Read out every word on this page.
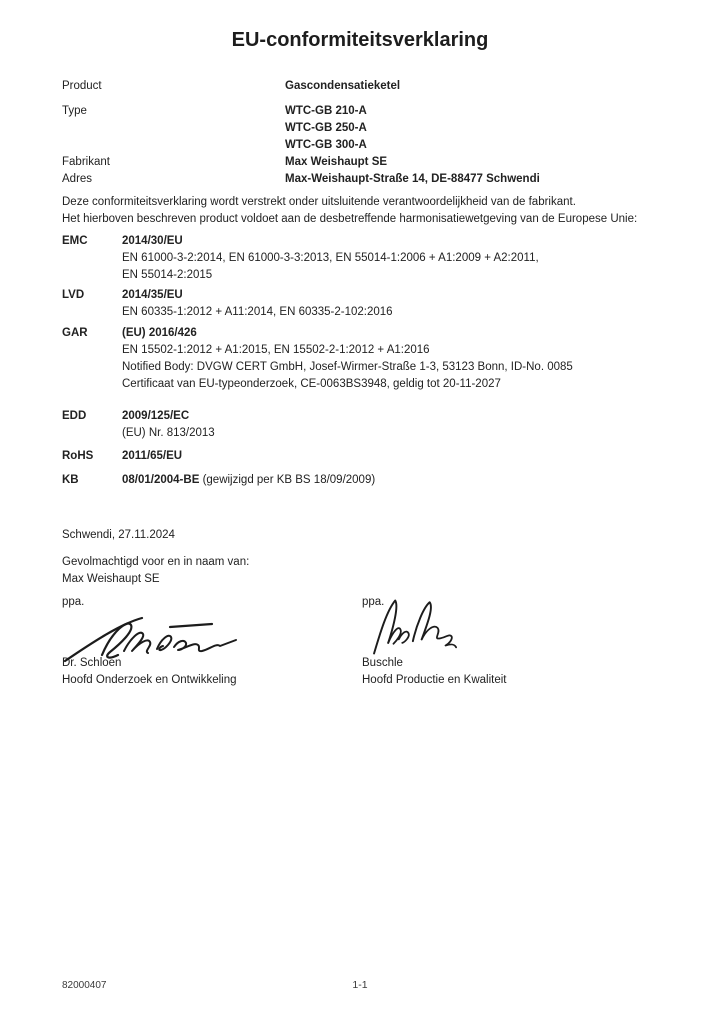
EU-conformiteitsverklaring
Product	Gascondensatieketel
Type	WTC-GB 210-A
WTC-GB 250-A
WTC-GB 300-A
Fabrikant	Max Weishaupt SE
Adres	Max-Weishaupt-Straße 14, DE-88477 Schwendi
Deze conformiteitsverklaring wordt verstrekt onder uitsluitende verantwoordelijkheid van de fabrikant.
Het hierboven beschreven product voldoet aan de desbetreffende harmonisatiewetgeving van de Europese Unie:
EMC	2014/30/EU
EN 61000-3-2:2014, EN 61000-3-3:2013, EN 55014-1:2006 + A1:2009 + A2:2011,
EN 55014-2:2015
LVD	2014/35/EU
EN 60335-1:2012 + A11:2014, EN 60335-2-102:2016
GAR	(EU) 2016/426
EN 15502-1:2012 + A1:2015, EN 15502-2-1:2012 + A1:2016
Notified Body: DVGW CERT GmbH, Josef-Wirmer-Straße 1-3, 53123 Bonn, ID-No. 0085
Certificaat van EU-typeonderzoek, CE-0063BS3948, geldig tot 20-11-2027
EDD	2009/125/EC
(EU) Nr. 813/2013
RoHS	2011/65/EU
KB	08/01/2004-BE (gewijzigd per KB BS 18/09/2009)
Schwendi, 27.11.2024
Gevolmachtigd voor en in naam van:
Max Weishaupt SE
ppa.
Dr. Schloen
Hoofd Onderzoek en Ontwikkeling
ppa.
Buschle
Hoofd Productie en Kwaliteit
82000407	1-1
